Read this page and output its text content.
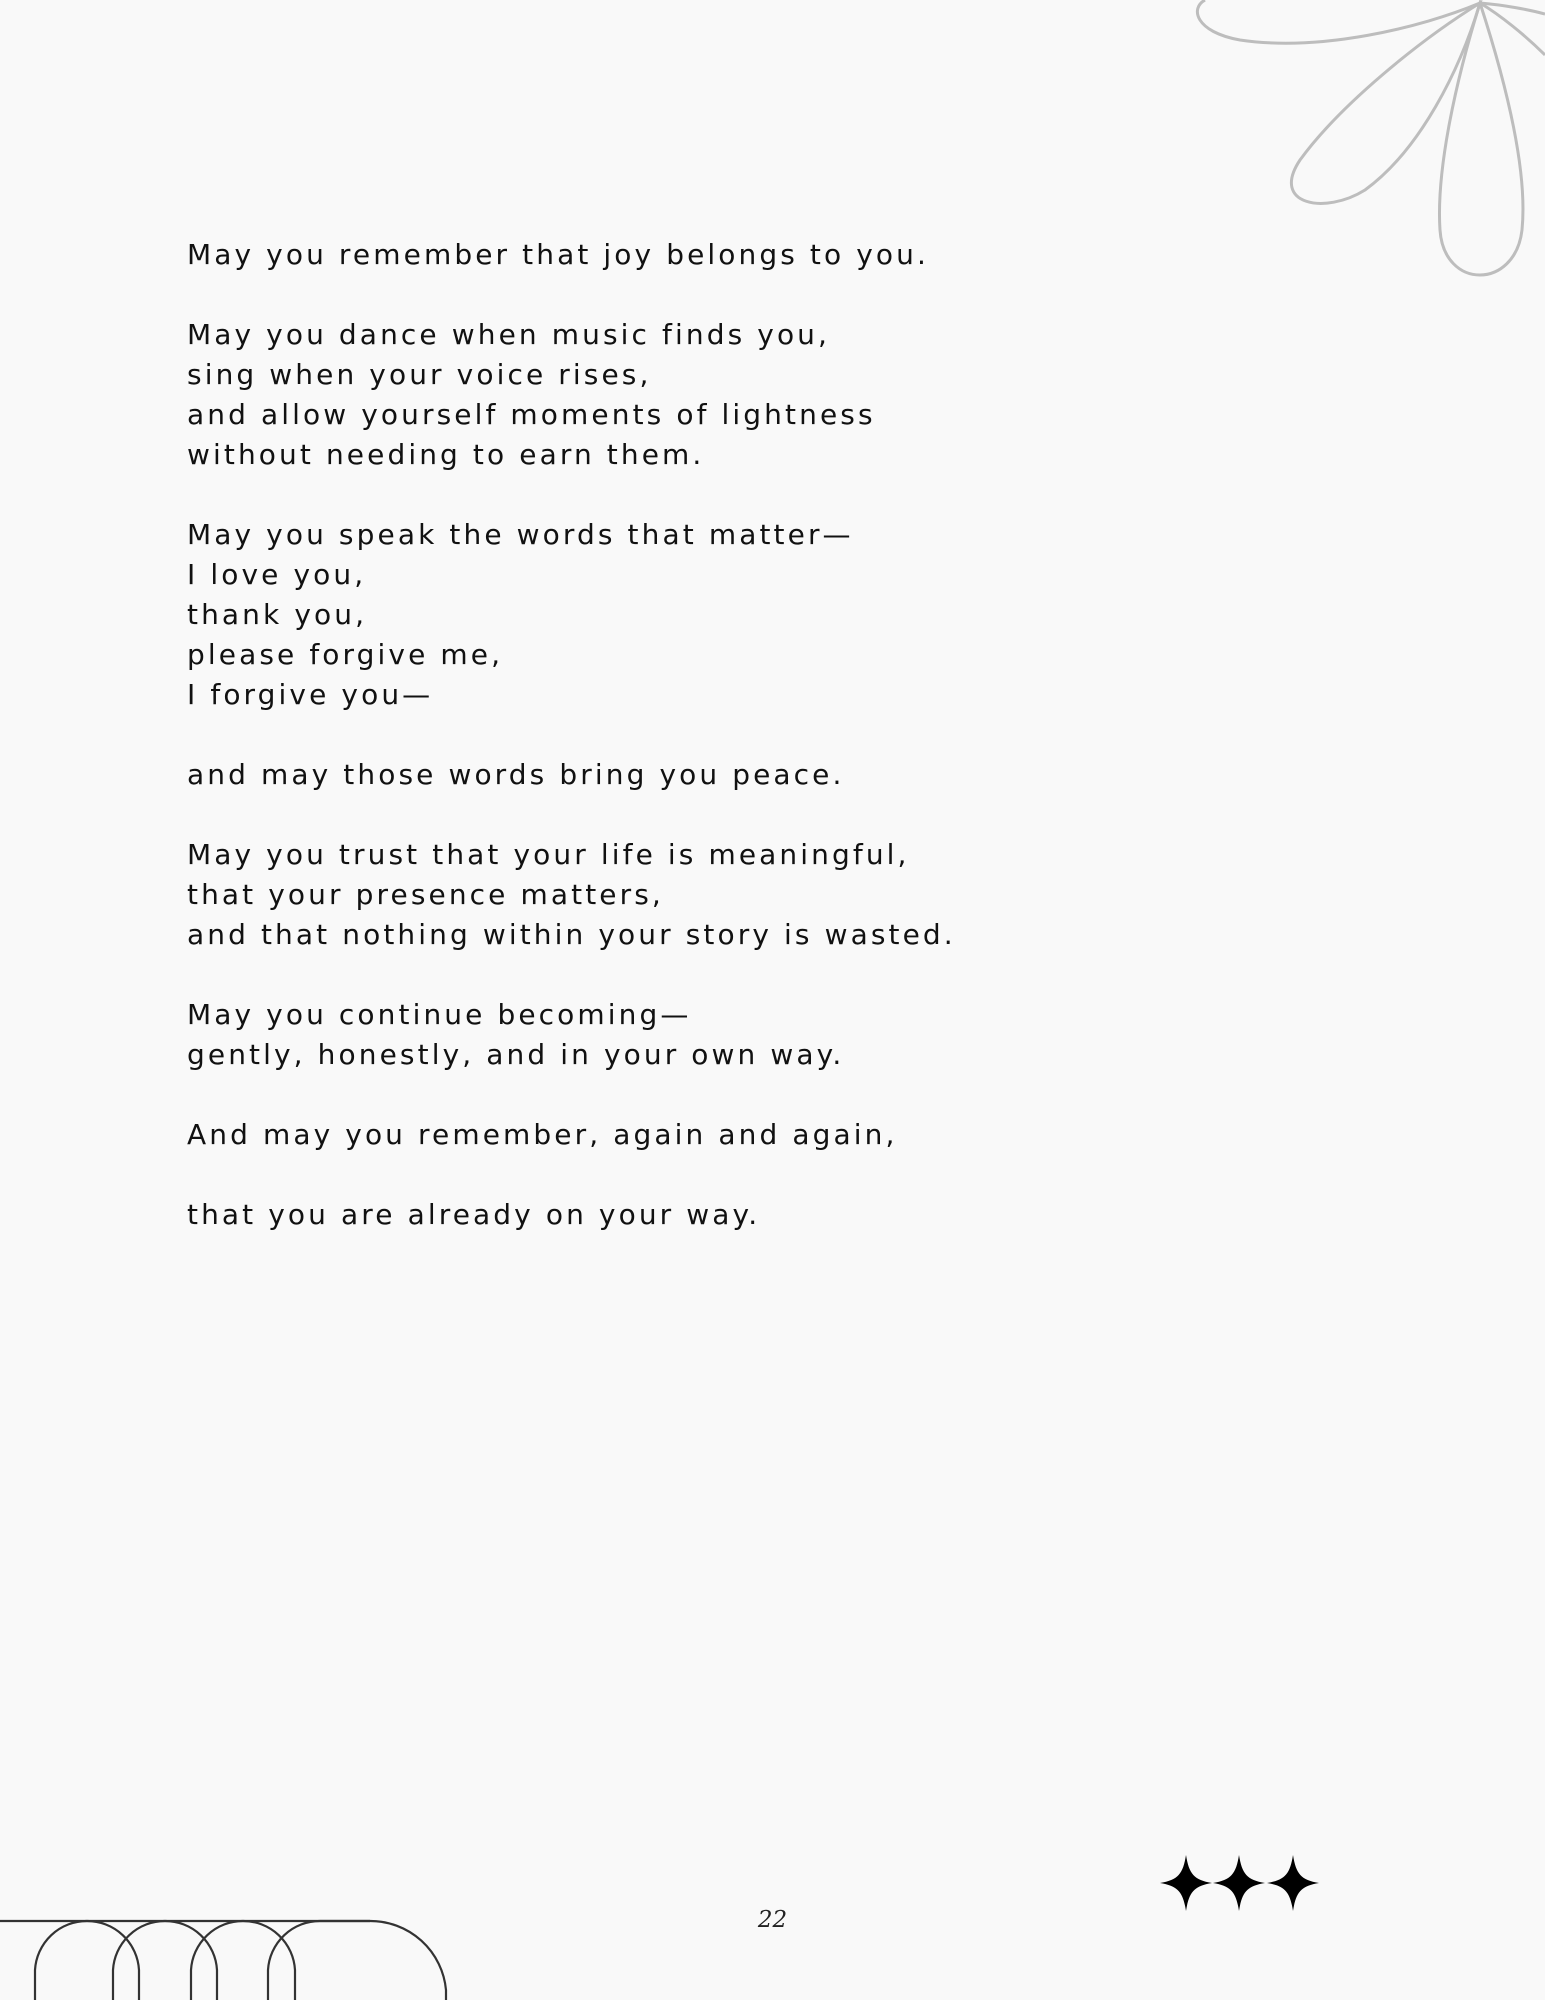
May you remember that joy belongs to you.
May you dance when music finds you,
sing when your voice rises,
and allow yourself moments of lightness
without needing to earn them.
May you speak the words that matter—
I love you,
thank you,
please forgive me,
I forgive you—
and may those words bring you peace.
May you trust that your life is meaningful,
that your presence matters,
and that nothing within your story is wasted.
May you continue becoming—
gently, honestly, and in your own way.
And may you remember, again and again,
that you are already on your way.
22
